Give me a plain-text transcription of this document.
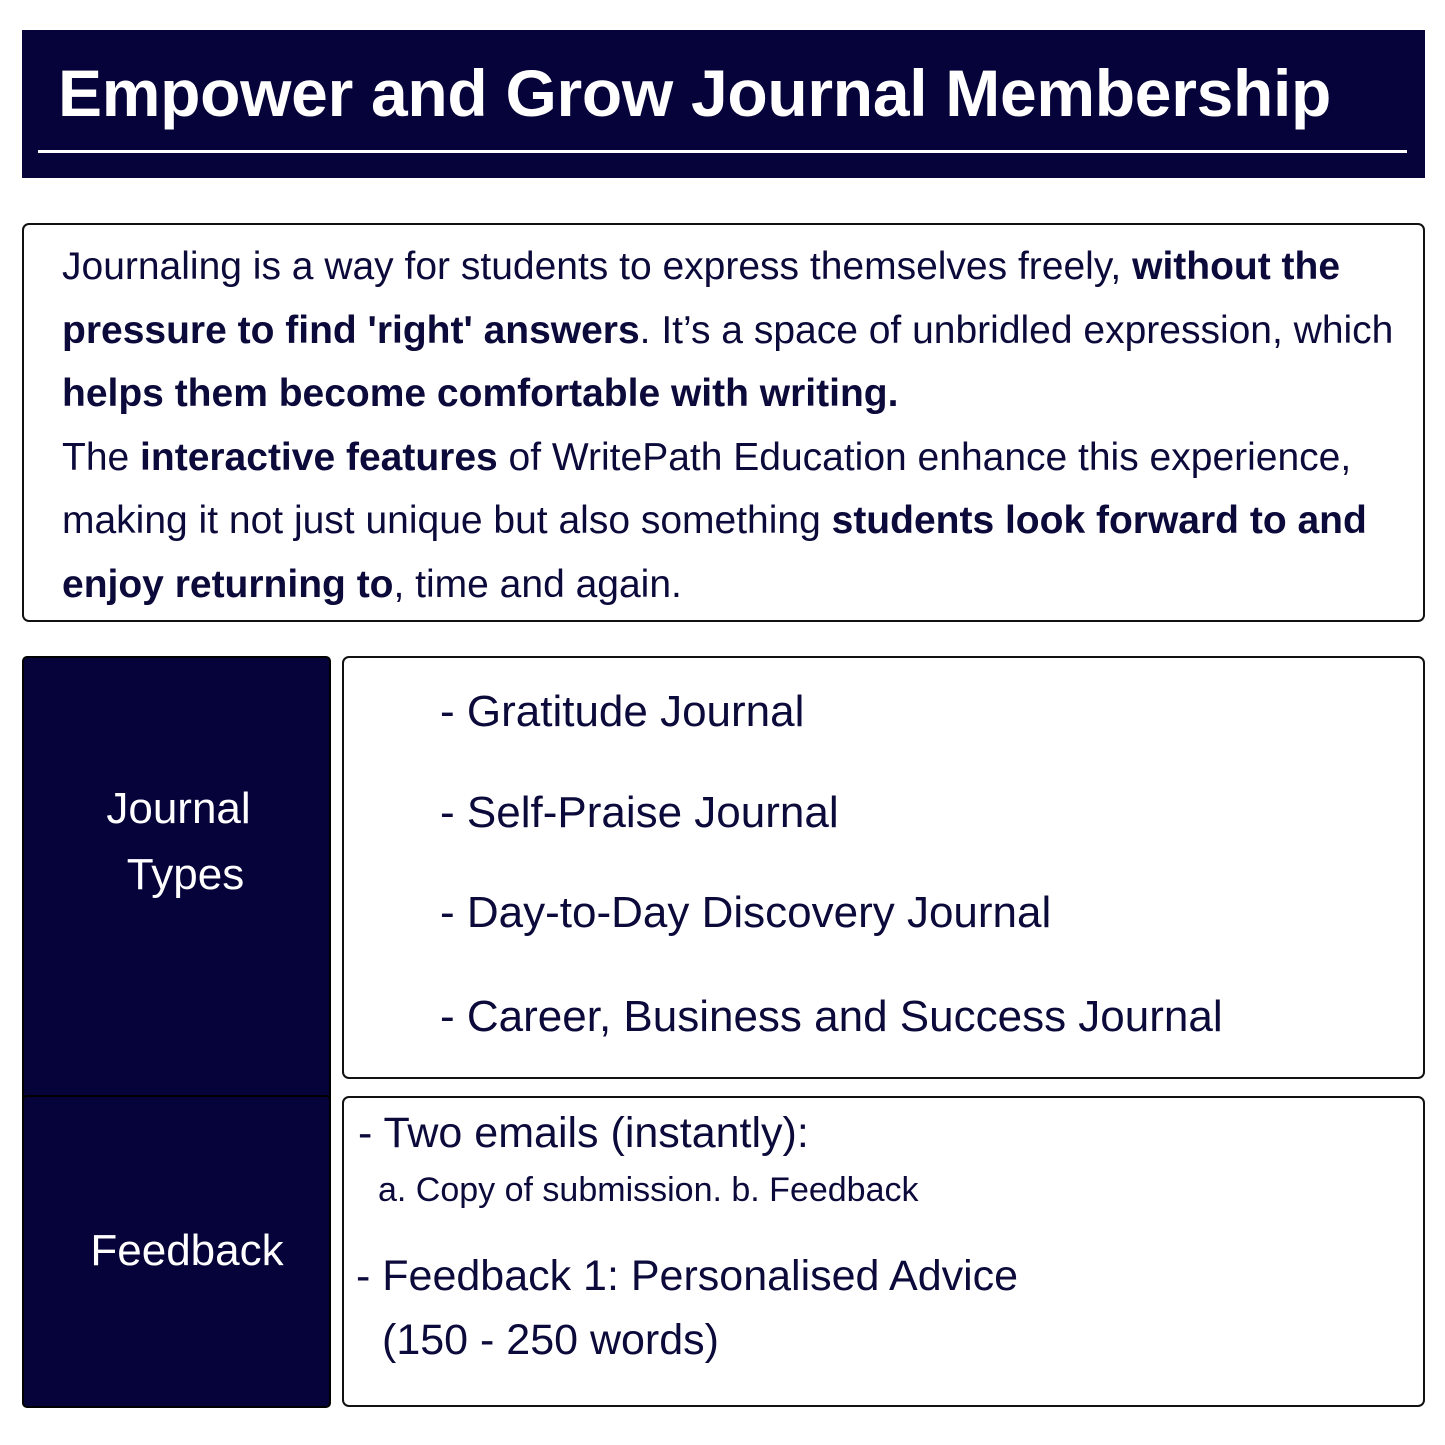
Empower and Grow Journal Membership

Journaling is a way for students to express themselves freely, without the pressure to find 'right' answers. It’s a space of unbridled expression, which helps them become comfortable with writing.
The interactive features of WritePath Education enhance this experience, making it not just unique but also something students look forward to and enjoy returning to, time and again.

Journal
Types
- Gratitude Journal
- Self-Praise Journal
- Day-to-Day Discovery Journal
- Career, Business and Success Journal
Feedback
- Two emails (instantly):
a. Copy of submission. b. Feedback
- Feedback 1: Personalised Advice
(150 - 250 words)
